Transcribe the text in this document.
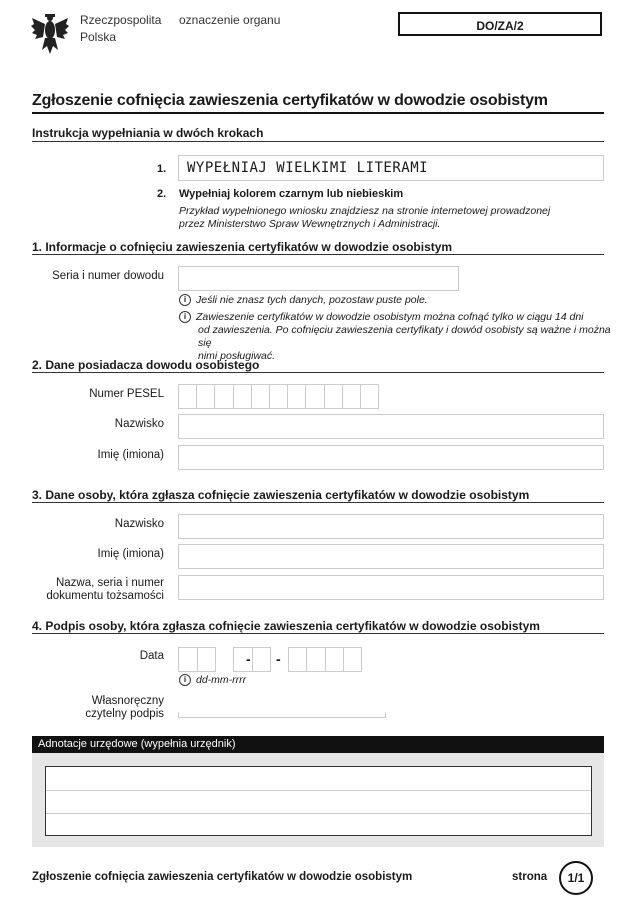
Rzeczpospolita
Polska
oznaczenie organu	DO/ZA/2
Zgłoszenie cofnięcia zawieszenia certyfikatów w dowodzie osobistym
Instrukcja wypełniania w dwóch krokach
1.	WYPEŁNIAJ WIELKIMI LITERAMI
2. Wypełniaj kolorem czarnym lub niebieskim
Przykład wypełnionego wniosku znajdziesz na stronie internetowej prowadzonej
przez Ministerstwo Spraw Wewnętrznych i Administracji.
1. Informacje o cofnięciu zawieszenia certyfikatów w dowodzie osobistym
Seria i numer dowodu
i Jeśli nie znasz tych danych, pozostaw puste pole.
i Zawieszenie certyfikatów w dowodzie osobistym można cofnąć tylko w ciągu 14 dni
od zawieszenia. Po cofnięciu zawieszenia certyfikaty i dowód osobisty są ważne i można się
nimi posługiwać.
2. Dane posiadacza dowodu osobistego
Numer PESEL
Nazwisko
Imię (imiona)
3. Dane osoby, która zgłasza cofnięcie zawieszenia certyfikatów w dowodzie osobistym
Nazwisko
Imię (imiona)
Nazwa, seria i numer
dokumentu tożsamości
4. Podpis osoby, która zgłasza cofnięcie zawieszenia certyfikatów w dowodzie osobistym
Data	- -
i dd-mm-rrrr
Własnoręczny
czytelny podpis
Adnotacje urzędowe (wypełnia urzędnik)
Zgłoszenie cofnięcia zawieszenia certyfikatów w dowodzie osobistym	strona	1/1
